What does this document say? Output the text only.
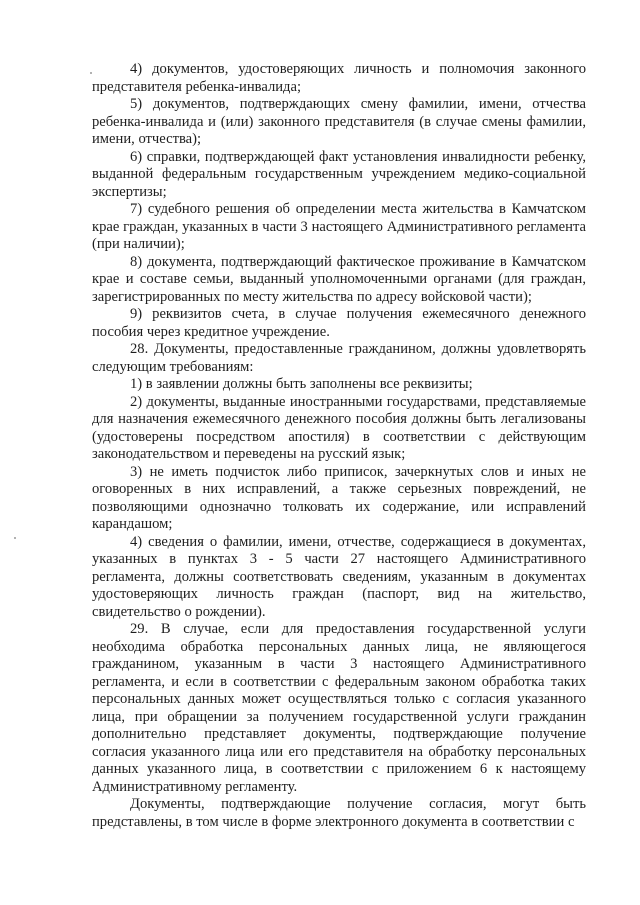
4) документов, удостоверяющих личность и полномочия законного представителя ребенка-инвалида;

5) документов, подтверждающих смену фамилии, имени, отчества ребенка-инвалида и (или) законного представителя (в случае смены фамилии, имени, отчества);

6) справки, подтверждающей факт установления инвалидности ребенку, выданной федеральным государственным учреждением медико-социальной экспертизы;

7) судебного решения об определении места жительства в Камчатском крае граждан, указанных в части 3 настоящего Административного регламента (при наличии);

8) документа, подтверждающий фактическое проживание в Камчатском крае и составе семьи, выданный уполномоченными органами (для граждан, зарегистрированных по месту жительства по адресу войсковой части);

9) реквизитов счета, в случае получения ежемесячного денежного пособия через кредитное учреждение.

28. Документы, предоставленные гражданином, должны удовлетворять следующим требованиям:

1) в заявлении должны быть заполнены все реквизиты;

2) документы, выданные иностранными государствами, представляемые для назначения ежемесячного денежного пособия должны быть легализованы (удостоверены посредством апостиля) в соответствии с действующим законодательством и переведены на русский язык;

3) не иметь подчисток либо приписок, зачеркнутых слов и иных не оговоренных в них исправлений, а также серьезных повреждений, не позволяющими однозначно толковать их содержание, или исправлений карандашом;

4) сведения о фамилии, имени, отчестве, содержащиеся в документах, указанных в пунктах 3 - 5 части 27 настоящего Административного регламента, должны соответствовать сведениям, указанным в документах удостоверяющих личность граждан (паспорт, вид на жительство, свидетельство о рождении).

29. В случае, если для предоставления государственной услуги необходима обработка персональных данных лица, не являющегося гражданином, указанным в части 3 настоящего Административного регламента, и если в соответствии с федеральным законом обработка таких персональных данных может осуществляться только с согласия указанного лица, при обращении за получением государственной услуги гражданин дополнительно представляет документы, подтверждающие получение согласия указанного лица или его представителя на обработку персональных данных указанного лица, в соответствии с приложением 6 к настоящему Административному регламенту.

Документы, подтверждающие получение согласия, могут быть представлены, в том числе в форме электронного документа в соответствии с
